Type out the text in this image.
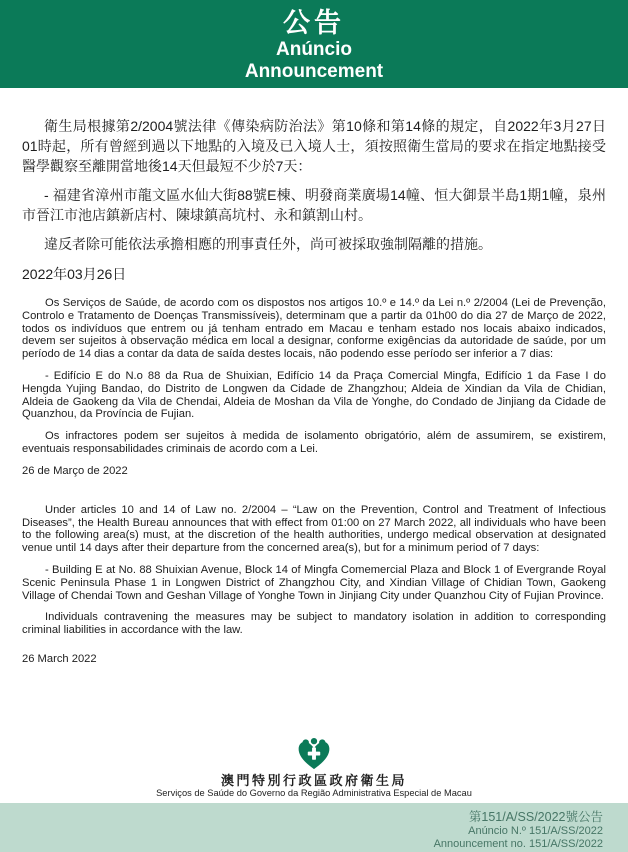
公告
Anúncio
Announcement

衛生局根據第2/2004號法律《傳染病防治法》第10條和第14條的規定，自2022年3月27日01時起，所有曾經到過以下地點的入境及已入境人士，須按照衛生當局的要求在指定地點接受醫學觀察至離開當地後14天但最短不少於7天：

- 福建省漳州市龍文區水仙大街88號E棟、明發商業廣場14幢、恒大御景半島1期1幢，泉州市晉江市池店鎮新店村、陳埭鎮高坑村、永和鎮割山村。

違反者除可能依法承擔相應的刑事責任外，尚可被採取強制隔離的措施。

2022年03月26日

Os Serviços de Saúde, de acordo com os dispostos nos artigos 10.º e 14.º da Lei n.º 2/2004 (Lei de Prevenção, Controlo e Tratamento de Doenças Transmissíveis), determinam que a partir da 01h00 do dia 27 de Março de 2022, todos os indivíduos que entrem ou já tenham entrado em Macau e tenham estado nos locais abaixo indicados, devem ser sujeitos à observação médica em local a designar, conforme exigências da autoridade de saúde, por um período de 14 dias a contar da data de saída destes locais, não podendo esse período ser inferior a 7 dias:

- Edifício E do N.o 88 da Rua de Shuixian, Edifício 14 da Praça Comercial Mingfa, Edifício 1 da Fase I do Hengda Yujing Bandao, do Distrito de Longwen da Cidade de Zhangzhou; Aldeia de Xindian da Vila de Chidian, Aldeia de Gaokeng da Vila de Chendai, Aldeia de Moshan da Vila de Yonghe, do Condado de Jinjiang da Cidade de Quanzhou, da Província de Fujian.

Os infractores podem ser sujeitos à medida de isolamento obrigatório, além de assumirem, se existirem, eventuais responsabilidades criminais de acordo com a Lei.

26 de Março de 2022

Under articles 10 and 14 of Law no. 2/2004 – “Law on the Prevention, Control and Treatment of Infectious Diseases”, the Health Bureau announces that with effect from 01:00 on 27 March 2022, all individuals who have been to the following area(s) must, at the discretion of the health authorities, undergo medical observation at designated venue until 14 days after their departure from the concerned area(s), but for a minimum period of 7 days:

- Building E at No. 88 Shuixian Avenue, Block 14 of Mingfa Comemercial Plaza and Block 1 of Evergrande Royal Scenic Peninsula Phase 1 in Longwen District of Zhangzhou City, and Xindian Village of Chidian Town, Gaokeng Village of Chendai Town and Geshan Village of Yonghe Town in Jinjiang City under Quanzhou City of Fujian Province.

Individuals contravening the measures may be subject to mandatory isolation in addition to corresponding criminal liabilities in accordance with the law.

26 March 2022

澳門特別行政區政府衛生局
Serviços de Saúde do Governo da Região Administrativa Especial de Macau
第151/A/SS/2022號公告
Anúncio N.º 151/A/SS/2022
Announcement no. 151/A/SS/2022
